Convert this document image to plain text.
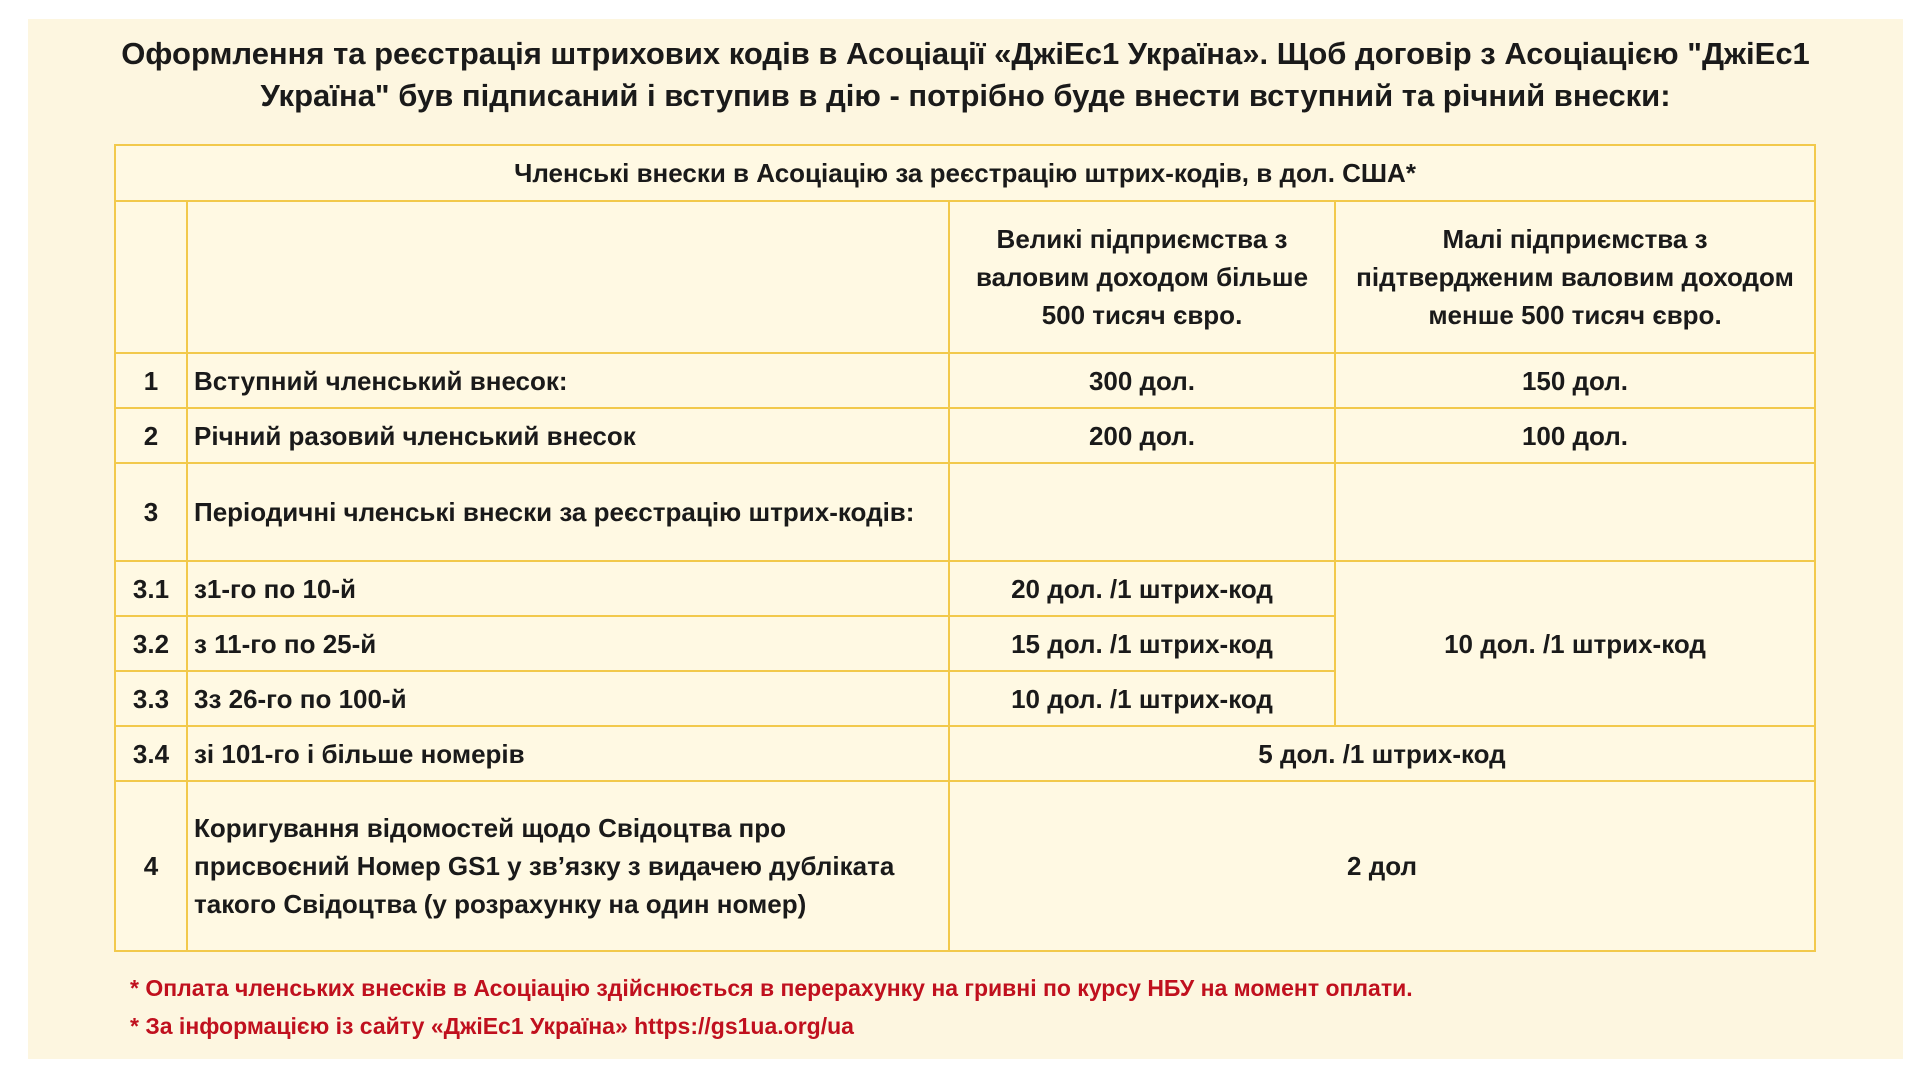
Оформлення та реєстрація штрихових кодів в Асоціації «ДжіЕс1 Україна». Щоб договір з Асоціацією "ДжіЕс1 Україна" був підписаний і вступив в дію - потрібно буде внести вступний та річний внески:
Членські внески в Асоціацію за реєстрацію штрих-кодів, в дол. США*			
		Великі підприємства з валовим доходом більше 500 тисяч євро.	Малі підприємства з підтвердженим валовим доходом менше 500 тисяч євро.
1	Вступний членський внесок:	300 дол.	150 дол.
2	Річний разовий членський внесок	200 дол.	100 дол.
3	Періодичні членські внески за реєстрацію штрих-кодів:		
3.1	з1-го по 10-й	20 дол. /1 штрих-код	10 дол. /1 штрих-код
3.2	з 11-го по 25-й	15 дол. /1 штрих-код	
3.3	3з 26-го по 100-й	10 дол. /1 штрих-код	
3.4	зі 101-го і більше номерів	5 дол. /1 штрих-код	
4	Коригування відомостей щодо Свідоцтва про присвоєний Номер GS1 у зв’язку з видачею дубліката такого Свідоцтва (у розрахунку на один номер)	2 дол	
* Оплата членських внесків в Асоціацію здійснюється в перерахунку на гривні по курсу НБУ на момент оплати.
* За інформацією із сайту «ДжіЕс1 Україна» https://gs1ua.org/ua
